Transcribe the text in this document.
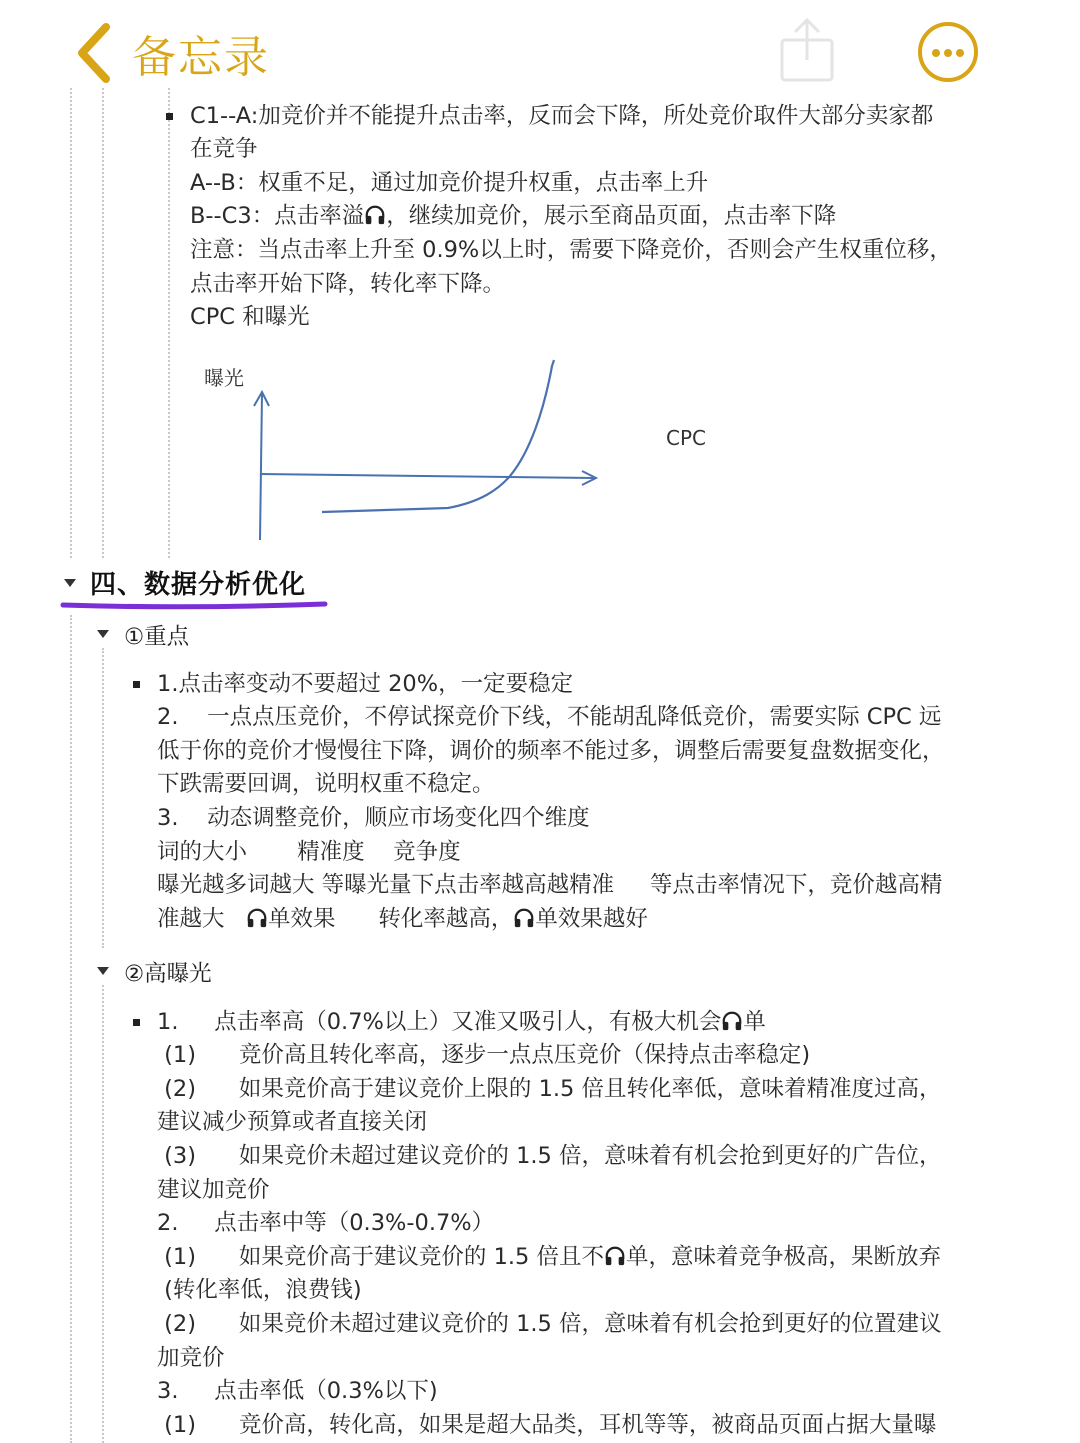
备忘录
C1--A:加竞价并不能提升点击率，反而会下降，所处竞价取件大部分卖家都
在竞争
A--B：权重不足，通过加竞价提升权重，点击率上升
B--C3：点击率溢 ，继续加竞价，展示至商品页面，点击率下降
注意：当点击率上升至 0.9%以上时，需要下降竞价，否则会产生权重位移，
点击率开始下降，转化率下降。
CPC 和曝光
曝光
CPC
四、数据分析优化
①重点
1.点击率变动不要超过 20%，一定要稳定
2.    一点点压竞价，不停试探竞价下线，不能胡乱降低竞价，需要实际 CPC 远
低于你的竞价才慢慢往下降，调价的频率不能过多，调整后需要复盘数据变化，
下跌需要回调，说明权重不稳定。
3.    动态调整竞价，顺应市场变化四个维度
词的大小       精准度    竞争度
曝光越多词越大 等曝光量下点击率越高越精准     等点击率情况下，竞价越高精
准越大   单效果      转化率越高， 单效果越好
②高曝光
1.     点击率高（0.7%以上）又准又吸引人，有极大机会 单
(1)      竞价高且转化率高，逐步一点点压竞价（保持点击率稳定)
(2)      如果竞价高于建议竞价上限的 1.5 倍且转化率低，意味着精准度过高，
建议减少预算或者直接关闭
(3)      如果竞价未超过建议竞价的 1.5 倍，意味着有机会抢到更好的广告位，
建议加竞价
2.     点击率中等（0.3%-0.7%）
(1)      如果竞价高于建议竞价的 1.5 倍且不 单，意味着竞争极高，果断放弃
(转化率低，浪费钱)
(2)      如果竞价未超过建议竞价的 1.5 倍，意味着有机会抢到更好的位置建议
加竞价
3.     点击率低（0.3%以下)
(1)      竞价高，转化高，如果是超大品类，耳机等等，被商品页面占据大量曝
